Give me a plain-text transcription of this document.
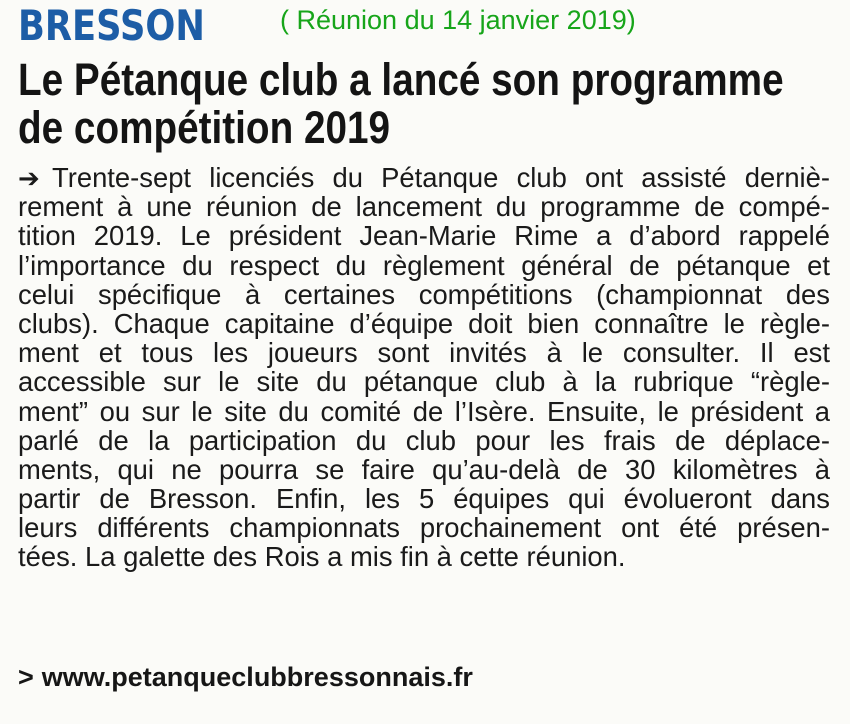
BRESSON	( Réunion du 14 janvier 2019)
Le Pétanque club a lancé son programme
de compétition 2019
➔ Trente-sept licenciés du Pétanque club ont assisté derniè-
rement à une réunion de lancement du programme de compé-
tition 2019. Le président Jean-Marie Rime a d’abord rappelé
l’importance du respect du règlement général de pétanque et
celui spécifique à certaines compétitions (championnat des
clubs). Chaque capitaine d’équipe doit bien connaître le règle-
ment et tous les joueurs sont invités à le consulter. Il est
accessible sur le site du pétanque club à la rubrique “règle-
ment” ou sur le site du comité de l’Isère. Ensuite, le président a
parlé de la participation du club pour les frais de déplace-
ments, qui ne pourra se faire qu’au-delà de 30 kilomètres à
partir de Bresson. Enfin, les 5 équipes qui évolueront dans
leurs différents championnats prochainement ont été présen-
tées. La galette des Rois a mis fin à cette réunion.
> www.petanqueclubbressonnais.fr
